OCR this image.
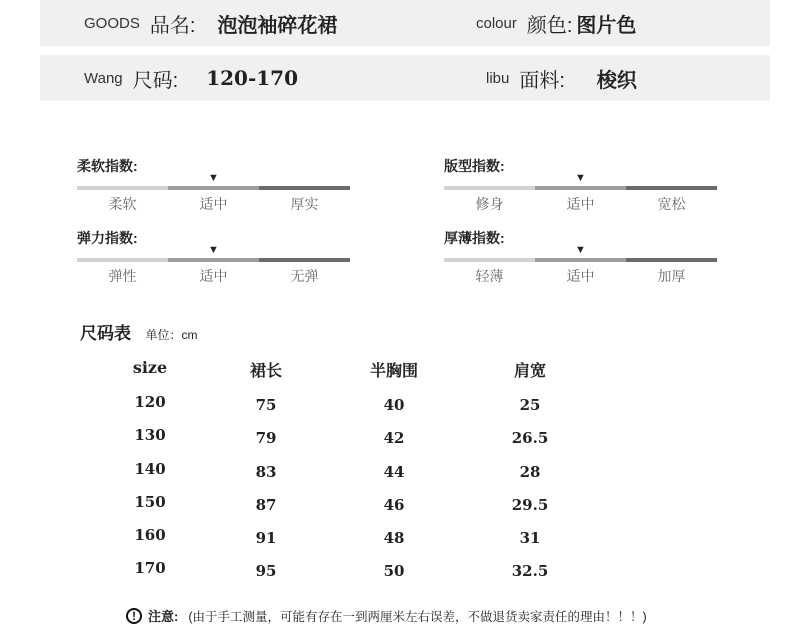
GOODS 品名: 泡泡袖碎花裙	colour 颜色: 图片色
Wang 尺码: 120-170	libu 面料: 梭织
柔软指数:
▼
柔软	适中	厚实
版型指数:
▼
修身	适中	宽松
弹力指数:
▼
弹性	适中	无弹
厚薄指数:
▼
轻薄	适中	加厚
尺码表 单位：cm
size	裙长	半胸围	肩宽
120	75	40	25
130	79	42	26.5
140	83	44	28
150	87	46	29.5
160	91	48	31
170	95	50	32.5
! 注意: (由于手工测量，可能有存在一到两厘米左右误差，不做退货卖家责任的理由！！！)
